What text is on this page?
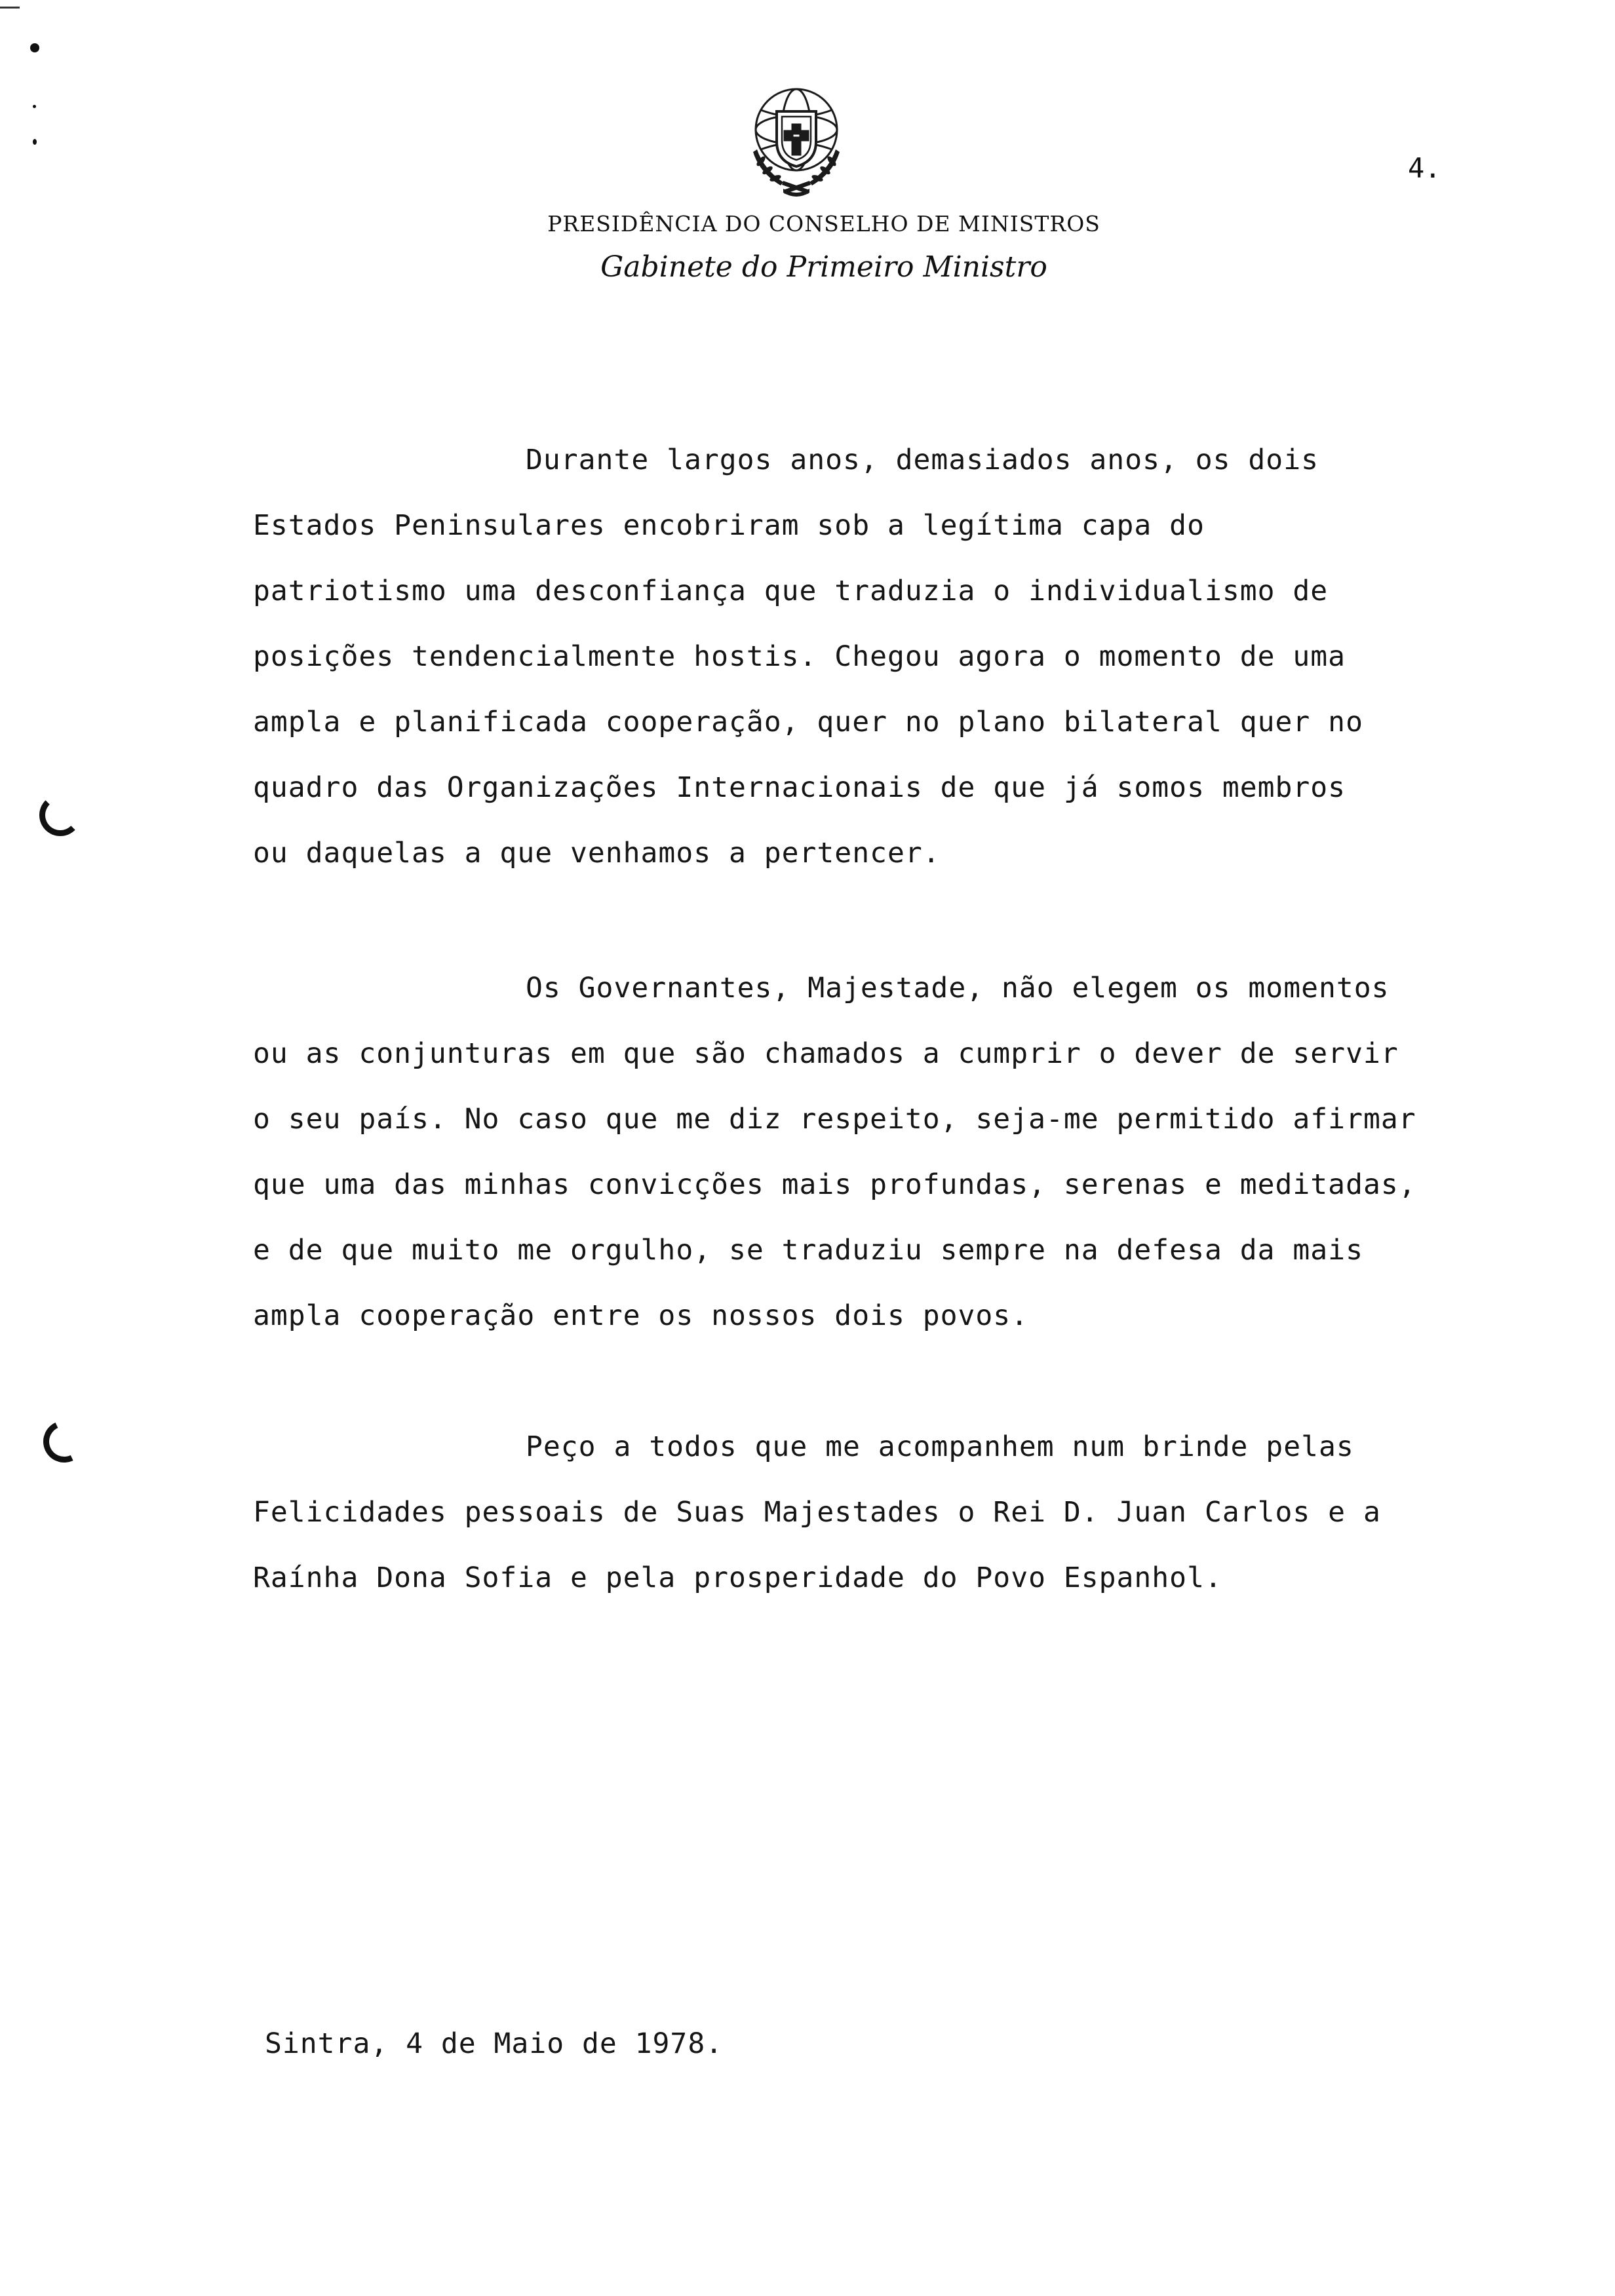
PRESIDÊNCIA DO CONSELHO DE MINISTROS
Gabinete do Primeiro Ministro
4.
Durante largos anos, demasiados anos, os dois
Estados Peninsulares encobriram sob a legítima capa do
patriotismo uma desconfiança que traduzia o individualismo de
posições tendencialmente hostis. Chegou agora o momento de uma
ampla e planificada cooperação, quer no plano bilateral quer no
quadro das Organizações Internacionais de que já somos membros
ou daquelas a que venhamos a pertencer.
Os Governantes, Majestade, não elegem os momentos
ou as conjunturas em que são chamados a cumprir o dever de servir
o seu país. No caso que me diz respeito, seja-me permitido afirmar
que uma das minhas convicções mais profundas, serenas e meditadas,
e de que muito me orgulho, se traduziu sempre na defesa da mais
ampla cooperação entre os nossos dois povos.
Peço a todos que me acompanhem num brinde pelas
Felicidades pessoais de Suas Majestades o Rei D. Juan Carlos e a
Raínha Dona Sofia e pela prosperidade do Povo Espanhol.
Sintra, 4 de Maio de 1978.
